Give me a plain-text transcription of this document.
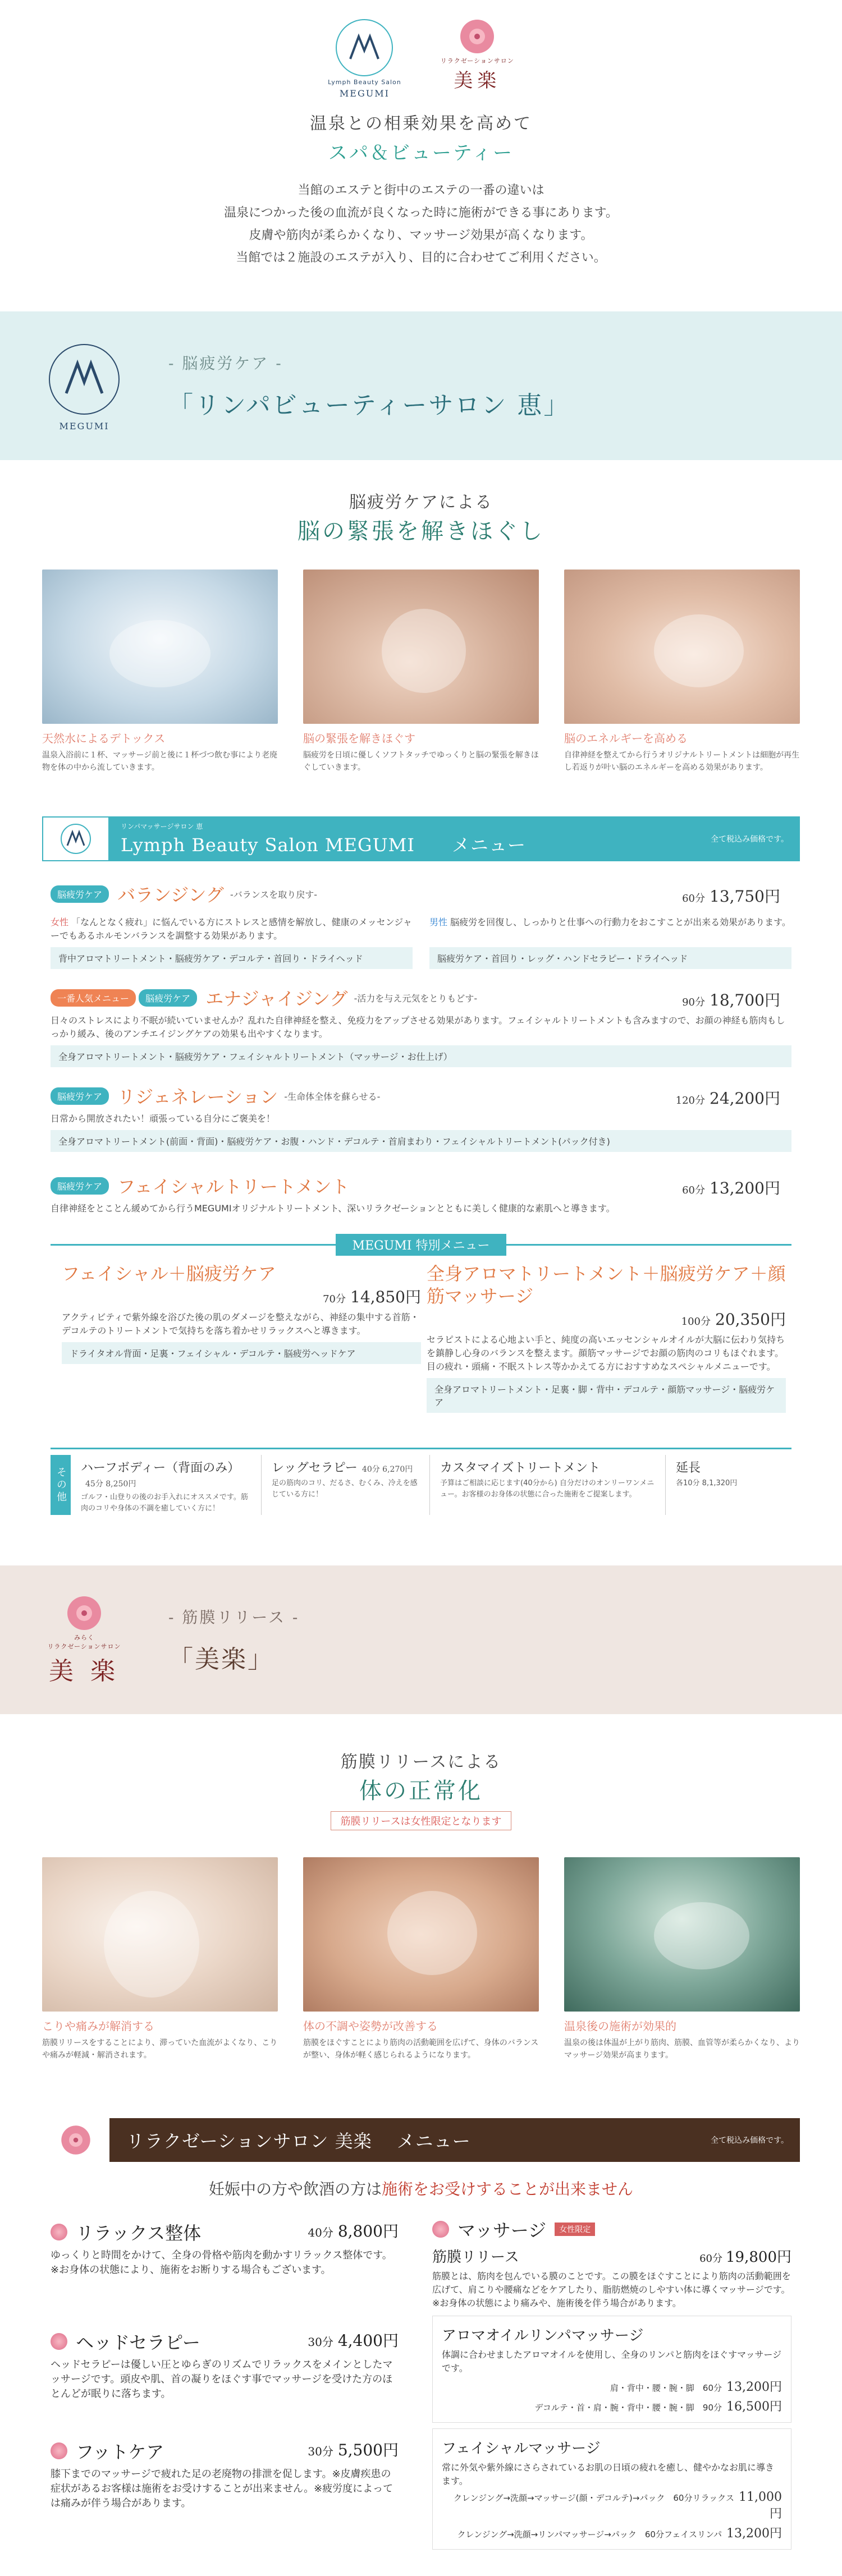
Lymph Beauty Salon
MEGUMI
リラクゼーションサロン
美楽
温泉との相乗効果を高めて
スパ＆ビューティー
当館のエステと街中のエステの一番の違いは
温泉につかった後の血流が良くなった時に施術ができる事にあります。
皮膚や筋肉が柔らかくなり、マッサージ効果が高くなります。
当館では２施設のエステが入り、目的に合わせてご利用ください。
MEGUMI
- 脳疲労ケア -
「リンパビューティーサロン 恵」
脳疲労ケアによる
脳の緊張を解きほぐし
天然水によるデトックス
温泉入浴前に１杯、マッサージ前と後に１杯づつ飲む事により老廃物を体の中から流していきます。
脳の緊張を解きほぐす
脳疲労を日頃に優しくソフトタッチでゆっくりと脳の緊張を解きほぐしていきます。
脳のエネルギーを高める
自律神経を整えてから行うオリジナルトリートメントは細胞が再生し若返りが叶い脳のエネルギーを高める効果があります。
リンパマッサージサロン 恵
Lymph Beauty Salon MEGUMI　　メニュー	全て税込み価格です。
脳疲労ケア バランジング -バランスを取り戻す-	60分 13,750円
女性 「なんとなく疲れ」に悩んでいる方にストレスと感情を解放し、健康のメッセンジャーでもあるホルモンバランスを調整する効果があります。
男性 脳疲労を回復し、しっかりと仕事への行動力をおこすことが出来る効果があります。
背中アロマトリートメント・脳疲労ケア・デコルテ・首回り・ドライヘッド	脳疲労ケア・首回り・レッグ・ハンドセラピー・ドライヘッド
一番人気メニュー 脳疲労ケア エナジャイジング -活力を与え元気をとりもどす-	90分 18,700円
日々のストレスにより不眠が続いていませんか？乱れた自律神経を整え、免疫力をアップさせる効果があります。フェイシャルトリートメントも含みますので、お顔の神経も筋肉もしっかり緩み、後のアンチエイジングケアの効果も出やすくなります。
全身アロマトリートメント・脳疲労ケア・フェイシャルトリートメント（マッサージ・お仕上げ）
脳疲労ケア リジェネレーション -生命体全体を蘇らせる-	120分 24,200円
日常から開放されたい！頑張っている自分にご褒美を！
全身アロマトリートメント(前面・背面)・脳疲労ケア・お腹・ハンド・デコルテ・首肩まわり・フェイシャルトリートメント(パック付き)
脳疲労ケア フェイシャルトリートメント	60分 13,200円
自律神経をとことん緩めてから行うMEGUMIオリジナルトリートメント、深いリラクゼーションとともに美しく健康的な素肌へと導きます。
MEGUMI 特別メニュー
フェイシャル＋脳疲労ケア
70分 14,850円
アクティビティで紫外線を浴びた後の肌のダメージを整えながら、神経の集中する首筋・デコルテのトリートメントで気持ちを落ち着かせリラックスへと導きます。
ドライタオル背面・足裏・フェイシャル・デコルテ・脳疲労ヘッドケア
全身アロマトリートメント＋脳疲労ケア＋顔筋マッサージ
100分 20,350円
セラピストによる心地よい手と、純度の高いエッセンシャルオイルが大脳に伝わり気持ちを鎮静し心身のバランスを整えます。顔筋マッサージでお顔の筋肉のコリもほぐれます。目の疲れ・頭痛・不眠ストレス等かかえてる方におすすめなスペシャルメニューです。
全身アロマトリートメント・足裏・脚・背中・デコルテ・顔筋マッサージ・脳疲労ケア
その他	ハーフボディー（背面のみ）45分 8,250円
ゴルフ・山登りの後のお手入れにオススメです。筋肉のコリや身体の不調を癒していく方に！
レッグセラピー 40分 6,270円
足の筋肉のコリ、だるさ、むくみ、冷えを感じている方に！
カスタマイズトリートメント
予算はご相談に応じます(40分から) 自分だけのオンリーワンメニュー。お客様のお身体の状態に合った施術をご提案します。
延長
各10分 8,1,320円
みらく
リラクゼーションサロン
美 楽
- 筋膜リリース -
「美楽」
筋膜リリースによる
体の正常化
筋膜リリースは女性限定となります
こりや痛みが解消する
筋膜リリースをすることにより、滞っていた血流がよくなり、こりや痛みが軽減・解消されます。
体の不調や姿勢が改善する
筋膜をほぐすことにより筋肉の活動範囲を広げて、身体のバランスが整い、身体が軽く感じられるようになります。
温泉後の施術が効果的
温泉の後は体温が上がり筋肉、筋膜、血管等が柔らかくなり、よりマッサージ効果が高まります。
リラクゼーションサロン 美楽　 メニュー	全て税込み価格です。
妊娠中の方や飲酒の方は施術をお受けすることが出来ません
リラックス整体	40分 8,800円
ゆっくりと時間をかけて、全身の骨格や筋肉を動かすリラックス整体です。※お身体の状態により、施術をお断りする場合もございます。
ヘッドセラピー	30分 4,400円
ヘッドセラピーは優しい圧とゆらぎのリズムでリラックスをメインとしたマッサージです。頭皮や肌、首の凝りをほぐす事でマッサージを受けた方のほとんどが眠りに落ちます。
フットケア	30分 5,500円
膝下までのマッサージで疲れた足の老廃物の排泄を促します。※皮膚疾患の症状があるお客様は施術をお受けすることが出来ません。※疲労度によっては痛みが伴う場合があります。
マッサージ 女性限定
筋膜リリース	60分 19,800円
筋膜とは、筋肉を包んでいる膜のことです。この膜をほぐすことにより筋肉の活動範囲を広げて、肩こりや腰痛などをケアしたり、脂肪燃焼のしやすい体に導くマッサージです。※お身体の状態により痛みや、施術後を伴う場合があります。
アロマオイルリンパマッサージ
体調に合わせましたアロマオイルを使用し、全身のリンパと筋肉をほぐすマッサージです。
肩・背中・腰・腕・脚　 60分 13,200円
デコルテ・首・肩・腕・背中・腰・腕・脚　 90分 16,500円
フェイシャルマッサージ
常に外気や紫外線にさらされているお肌の日頃の疲れを癒し、健やかなお肌に導きます。
クレンジング→洗顔→マッサージ(顔・デコルテ)→パック　 60分リラックス 11,000円
クレンジング→洗顔→リンパマッサージ→パック　 60分フェイスリンパ 13,200円
